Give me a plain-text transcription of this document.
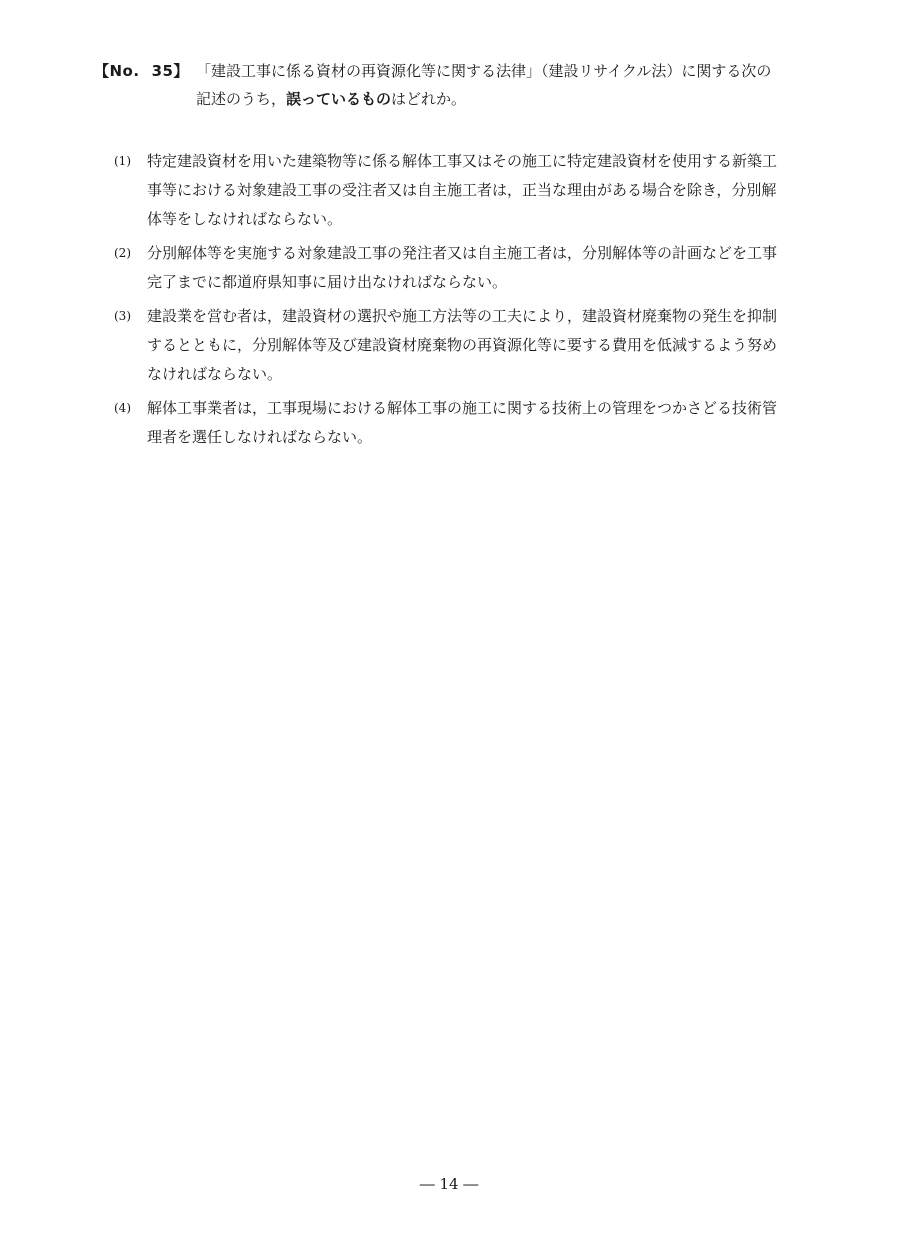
【No. 35】 「建設工事に係る資材の再資源化等に関する法律」（建設リサイクル法）に関する次の
記述のうち，誤っているものはどれか。
(1)	特定建設資材を用いた建築物等に係る解体工事又はその施工に特定建設資材を使用する新築工
事等における対象建設工事の受注者又は自主施工者は，正当な理由がある場合を除き，分別解
体等をしなければならない。
(2)	分別解体等を実施する対象建設工事の発注者又は自主施工者は，分別解体等の計画などを工事
完了までに都道府県知事に届け出なければならない。
(3)	建設業を営む者は，建設資材の選択や施工方法等の工夫により，建設資材廃棄物の発生を抑制
するとともに，分別解体等及び建設資材廃棄物の再資源化等に要する費用を低減するよう努め
なければならない。
(4)	解体工事業者は，工事現場における解体工事の施工に関する技術上の管理をつかさどる技術管
理者を選任しなければならない。
― 14 ―
